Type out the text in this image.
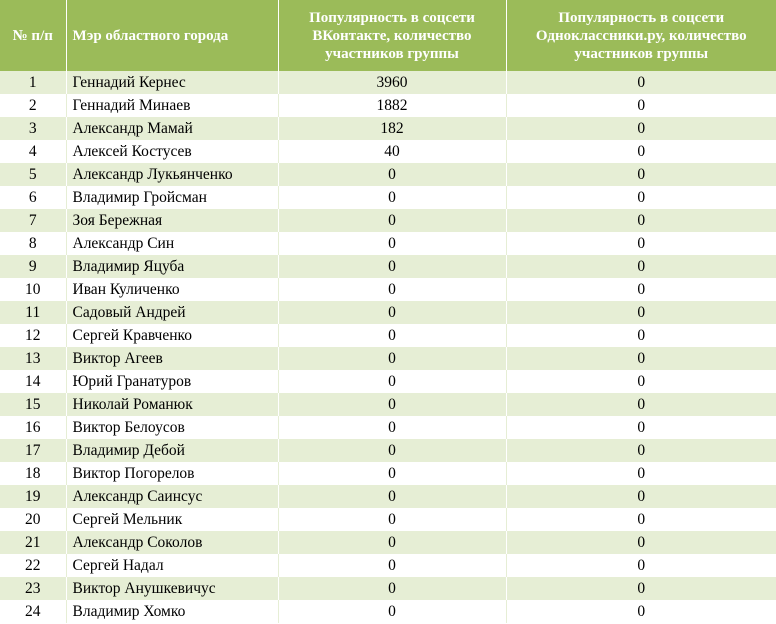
№ п/п	Мэр областного города	Популярность в соцсети ВКонтакте, количество участников группы	Популярность в соцсети Одноклассники.ру, количество участников группы
1	Геннадий Кернес	3960	0
2	Геннадий Минаев	1882	0
3	Александр Мамай	182	0
4	Алексей Костусев	40	0
5	Александр Лукьянченко	0	0
6	Владимир Гройсман	0	0
7	Зоя Бережная	0	0
8	Александр Син	0	0
9	Владимир Яцуба	0	0
10	Иван Куличенко	0	0
11	Садовый Андрей	0	0
12	Сергей Кравченко	0	0
13	Виктор Агеев	0	0
14	Юрий Гранатуров	0	0
15	Николай Романюк	0	0
16	Виктор Белоусов	0	0
17	Владимир Дебой	0	0
18	Виктор Погорелов	0	0
19	Александр Саинсус	0	0
20	Сергей Мельник	0	0
21	Александр Соколов	0	0
22	Сергей Надал	0	0
23	Виктор Анушкевичус	0	0
24	Владимир Хомко	0	0
